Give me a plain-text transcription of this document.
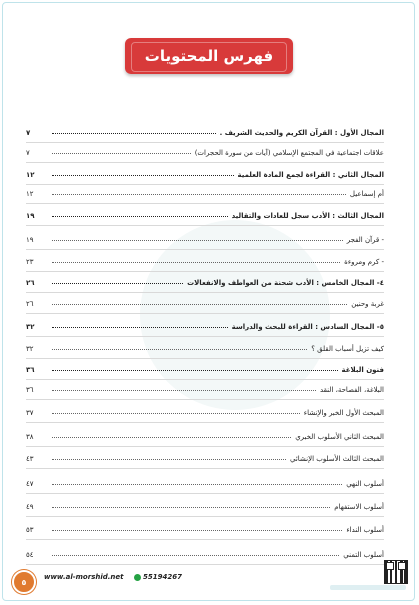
فهرس المحتويات
المجال الأول : القرآن الكريم والحديث الشريف .
٧
علاقات اجتماعية في المجتمع الإسلامي (آيات من سورة الحجرات)
٧
المجال الثاني : القراءة لجمع المادة العلمية
١٢
أم إسماعيل
١٢
المجال الثالث : الأدب سجل للعادات والتقاليد
١٩
- قرآن الفجر
١٩
- كرم ومروءة
٢٣
٤- المجال الخامس : الأدب شحنة من العواطف والانفعالات
٢٦
غربة وحنين
٢٦
٥- المجال السادس : القراءة للبحث والدراسة
٣٢
كيف تزيل أسباب القلق ؟
٣٢
فنون البلاغة
٣٦
البلاغة، الفصاحة، النقد
٣٦
المبحث الأول الخبر والإنشاء
٣٧
المبحث الثاني الأسلوب الخبري
٣٨
المبحث الثالث الأسلوب الإنشائي
٤٣
أسلوب النهي
٤٧
أسلوب الاستفهام
٤٩
أسلوب النداء
٥٣
أسلوب التمني
٥٤
٥
www.al-morshid.net	55194267
